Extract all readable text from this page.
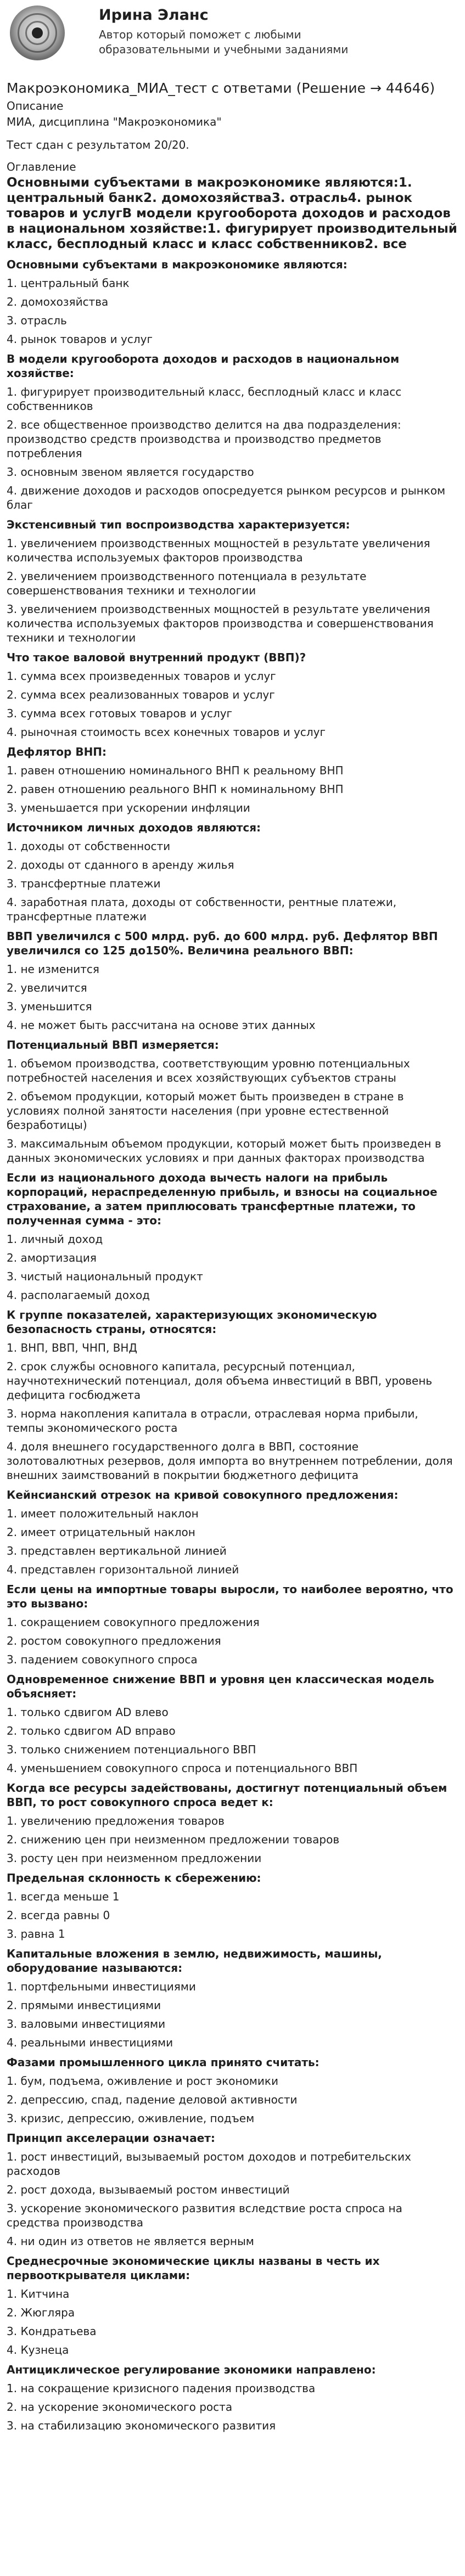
Ирина Эланс
Автор который поможет с любыми образовательными и учебными заданиями
Макроэкономика_МИА_тест с ответами (Решение → 44646)
Описание
МИА, дисциплина "Макроэкономика"
Тест сдан с результатом 20/20.
Оглавление
Основными субъектами в макроэкономике являются:1. центральный банк2. домохозяйства3. отрасль4. рынок товаров и услугВ модели кругооборота доходов и расходов в национальном хозяйстве:1. фигурирует производительный класс, бесплодный класс и класс собственников2. все
Основными субъектами в макроэкономике являются:
1. центральный банк
2. домохозяйства
3. отрасль
4. рынок товаров и услуг
В модели кругооборота доходов и расходов в национальном хозяйстве:
1. фигурирует производительный класс, бесплодный класс и класс собственников
2. все общественное производство делится на два подразделения: производство средств производства и производство предметов потребления
3. основным звеном является государство
4. движение доходов и расходов опосредуется рынком ресурсов и рынком благ
Экстенсивный тип воспроизводства характеризуется:
1. увеличением производственных мощностей в результате увеличения количества используемых факторов производства
2. увеличением производственного потенциала в результате совершенствования техники и технологии
3. увеличением производственных мощностей в результате увеличения количества используемых факторов производства и совершенствования техники и технологии
Что такое валовой внутренний продукт (ВВП)?
1. сумма всех произведенных товаров и услуг
2. сумма всех реализованных товаров и услуг
3. сумма всех готовых товаров и услуг
4. рыночная стоимость всех конечных товаров и услуг
Дефлятор ВНП:
1. равен отношению номинального ВНП к реальному ВНП
2. равен отношению реального ВНП к номинальному ВНП
3. уменьшается при ускорении инфляции
Источником личных доходов являются:
1. доходы от собственности
2. доходы от сданного в аренду жилья
3. трансфертные платежи
4. заработная плата, доходы от собственности, рентные платежи, трансфертные платежи
ВВП увеличился с 500 млрд. руб. до 600 млрд. руб. Дефлятор ВВП увеличился со 125 до150%. Величина реального ВВП:
1. не изменится
2. увеличится
3. уменьшится
4. не может быть рассчитана на основе этих данных
Потенциальный ВВП измеряется:
1. объемом производства, соответствующим уровню потенциальных потребностей населения и всех хозяйствующих субъектов страны
2. объемом продукции, который может быть произведен в стране в условиях полной занятости населения (при уровне естественной безработицы)
3. максимальным объемом продукции, который может быть произведен в данных экономических условиях и при данных факторах производства
Если из национального дохода вычесть налоги на прибыль корпораций, нераспределенную прибыль, и взносы на социальное страхование, а затем приплюсовать трансфертные платежи, то полученная сумма - это:
1. личный доход
2. амортизация
3. чистый национальный продукт
4. располагаемый доход
К группе показателей, характеризующих экономическую безопасность страны, относятся:
1. ВНП, ВВП, ЧНП, ВНД
2. срок службы основного капитала, ресурсный потенциал, научнотехнический потенциал, доля объема инвестиций в ВВП, уровень дефицита госбюджета
3. норма накопления капитала в отрасли, отраслевая норма прибыли, темпы экономического роста
4. доля внешнего государственного долга в ВВП, состояние золотовалютных резервов, доля импорта во внутреннем потреблении, доля внешних заимствований в покрытии бюджетного дефицита
Кейнсианский отрезок на кривой совокупного предложения:
1. имеет положительный наклон
2. имеет отрицательный наклон
3. представлен вертикальной линией
4. представлен горизонтальной линией
Если цены на импортные товары выросли, то наиболее вероятно, что это вызвано:
1. сокращением совокупного предложения
2. ростом совокупного предложения
3. падением совокупного спроса
Одновременное снижение ВВП и уровня цен классическая модель объясняет:
1. только сдвигом AD влево
2. только сдвигом AD вправо
3. только снижением потенциального ВВП
4. уменьшением совокупного спроса и потенциального ВВП
Когда все ресурсы задействованы, достигнут потенциальный объем ВВП, то рост совокупного спроса ведет к:
1. увеличению предложения товаров
2. снижению цен при неизменном предложении товаров
3. росту цен при неизменном предложении
Предельная склонность к сбережению:
1. всегда меньше 1
2. всегда равны 0
3. равна 1
Капитальные вложения в землю, недвижимость, машины, оборудование называются:
1. портфельными инвестициями
2. прямыми инвестициями
3. валовыми инвестициями
4. реальными инвестициями
Фазами промышленного цикла принято считать:
1. бум, подъема, оживление и рост экономики
2. депрессию, спад, падение деловой активности
3. кризис, депрессию, оживление, подъем
Принцип акселерации означает:
1. рост инвестиций, вызываемый ростом доходов и потребительских расходов
2. рост дохода, вызываемый ростом инвестиций
3. ускорение экономического развития вследствие роста спроса на средства производства
4. ни один из ответов не является верным
Среднесрочные экономические циклы названы в честь их первооткрывателя циклами:
1. Китчина
2. Жюгляра
3. Кондратьева
4. Кузнеца
Антициклическое регулирование экономики направлено:
1. на сокращение кризисного падения производства
2. на ускорение экономического роста
3. на стабилизацию экономического развития
